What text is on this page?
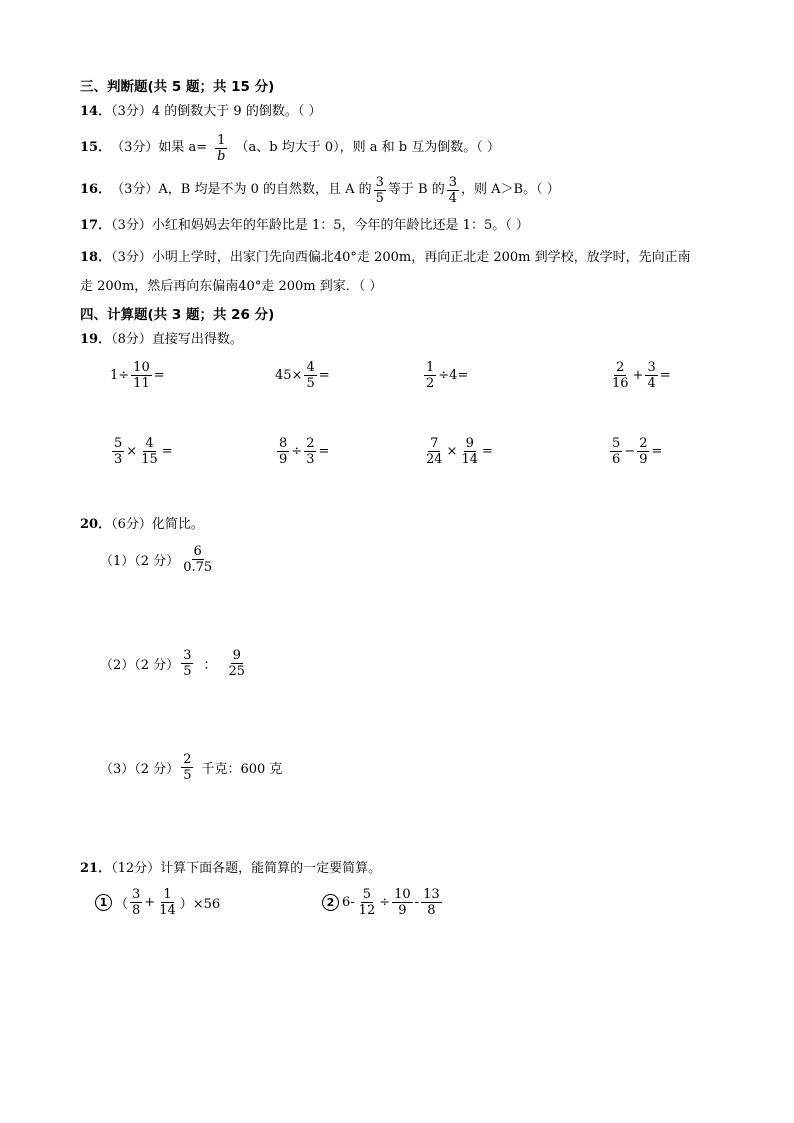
三、判断题(共 5 题；共 15 分)
14．（3分）4 的倒数大于 9 的倒数。（ ）
15． （3分） 如果 $a= \frac{1}{b} (a$、b 均大于 0），则 a 和 b 互为倒数。（ ）
16． （3分） A，B 均是不为 0 的自然数，且 A 的 $\frac{3}{5}$ 等于 B 的 $\frac{3}{4}$ ，则 A＞B。（ ）
17．（3分）小红和妈妈去年的年龄比是 1：5，今年的年龄比还是 1：5。（ ）
18．（3分）小明上学时，出家门先向西偏北40°走 200m，再向正北走 200m 到学校，放学时，先向正南
走 200m，然后再向东偏南40°走 200m 到家．（ ）
四、计算题(共 3 题；共 26 分)
19．（8分）直接写出得数。
$1\div \frac{10}{11}$ =	$45\times \frac{4}{5}$ =	$\frac{1}{2} \div 4=$	$\frac{2}{16} + \frac{3}{4}$ =
$\frac{5}{3} \times \frac{4}{15}$ =	$\frac{8}{9} \div \frac{2}{3}$ =	$\frac{7}{24} \times \frac{9}{14}$ =	$\frac{5}{6} - \frac{2}{9}$ =
20．（6分）化简比。
（1）（2 分） $\frac{6}{0.75}$
（2）（2 分） $\frac{3}{5}$ ： $\frac{9}{25}$
（3）（2 分） $\frac{2}{5}$ 千克：600 克
21．（12分）计算下面各题，能简算的一定要简算。
1 （ $\frac{3}{8} + \frac{1}{14} )\times 56$	2 $6- \frac{5}{12} \div \frac{10}{9} - \frac{13}{8}$
